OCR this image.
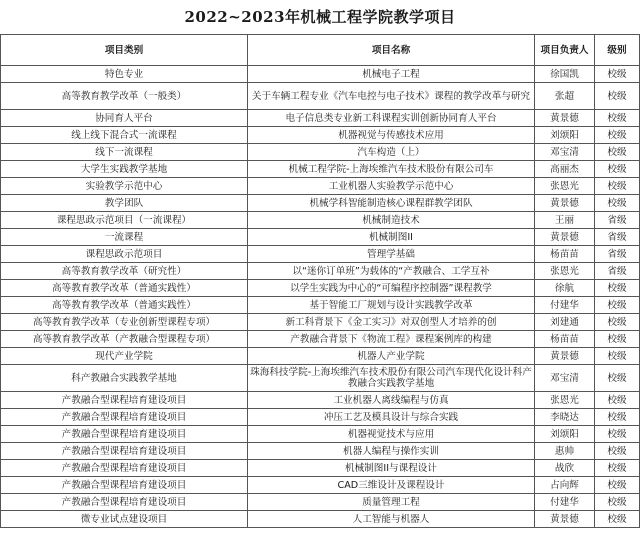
2022~2023年机械工程学院教学项目
项目类别	项目名称	项目负责人	级别
特色专业	机械电子工程	徐国凯	校级
高等教育教学改革（一般类）	关于车辆工程专业《汽车电控与电子技术》课程的教学改革与研究	张超	校级
协同育人平台	电子信息类专业新工科课程实训创新协同育人平台	黄景德	校级
线上线下混合式一流课程	机器视觉与传感技术应用	刘颂阳	校级
线下一流课程	汽车构造（上）	邓宝清	校级
大学生实践教学基地	机械工程学院-上海埃维汽车技术股份有限公司车	高丽杰	校级
实验教学示范中心	工业机器人实验教学示范中心	张恩光	校级
教学团队	机械学科智能制造核心课程群教学团队	黄景德	校级
课程思政示范项目（一流课程）	机械制造技术	王丽	省级
一流课程	机械制图II	黄景德	省级
课程思政示范项目	管理学基础	杨苗苗	省级
高等教育教学改革（研究性）	以“迷你订单班”为载体的“产教融合、工学互补	张恩光	省级
高等教育教学改革（普通实践性）	以学生实践为中心的“可编程序控制器”课程教学	徐航	校级
高等教育教学改革（普通实践性）	基于智能工厂规划与设计实践教学改革	付建华	校级
高等教育教学改革（专业创新型课程专项）	新工科背景下《金工实习》对双创型人才培养的创	刘建通	校级
高等教育教学改革（产教融合型课程专项）	产教融合背景下《物流工程》课程案例库的构建	杨苗苗	校级
现代产业学院	机器人产业学院	黄景德	校级
科产教融合实践教学基地	珠海科技学院-上海埃维汽车技术股份有限公司汽车现代化设计科产教融合实践教学基地	邓宝清	校级
产教融合型课程培育建设项目	工业机器人离线编程与仿真	张恩光	校级
产教融合型课程培育建设项目	冲压工艺及模具设计与综合实践	李晓达	校级
产教融合型课程培育建设项目	机器视觉技术与应用	刘颂阳	校级
产教融合型课程培育建设项目	机器人编程与操作实训	惠帅	校级
产教融合型课程培育建设项目	机械制图II与课程设计	战欣	校级
产教融合型课程培育建设项目	CAD三维设计及课程设计	占向辉	校级
产教融合型课程培育建设项目	质量管理工程	付建华	校级
微专业试点建设项目	人工智能与机器人	黄景德	校级
